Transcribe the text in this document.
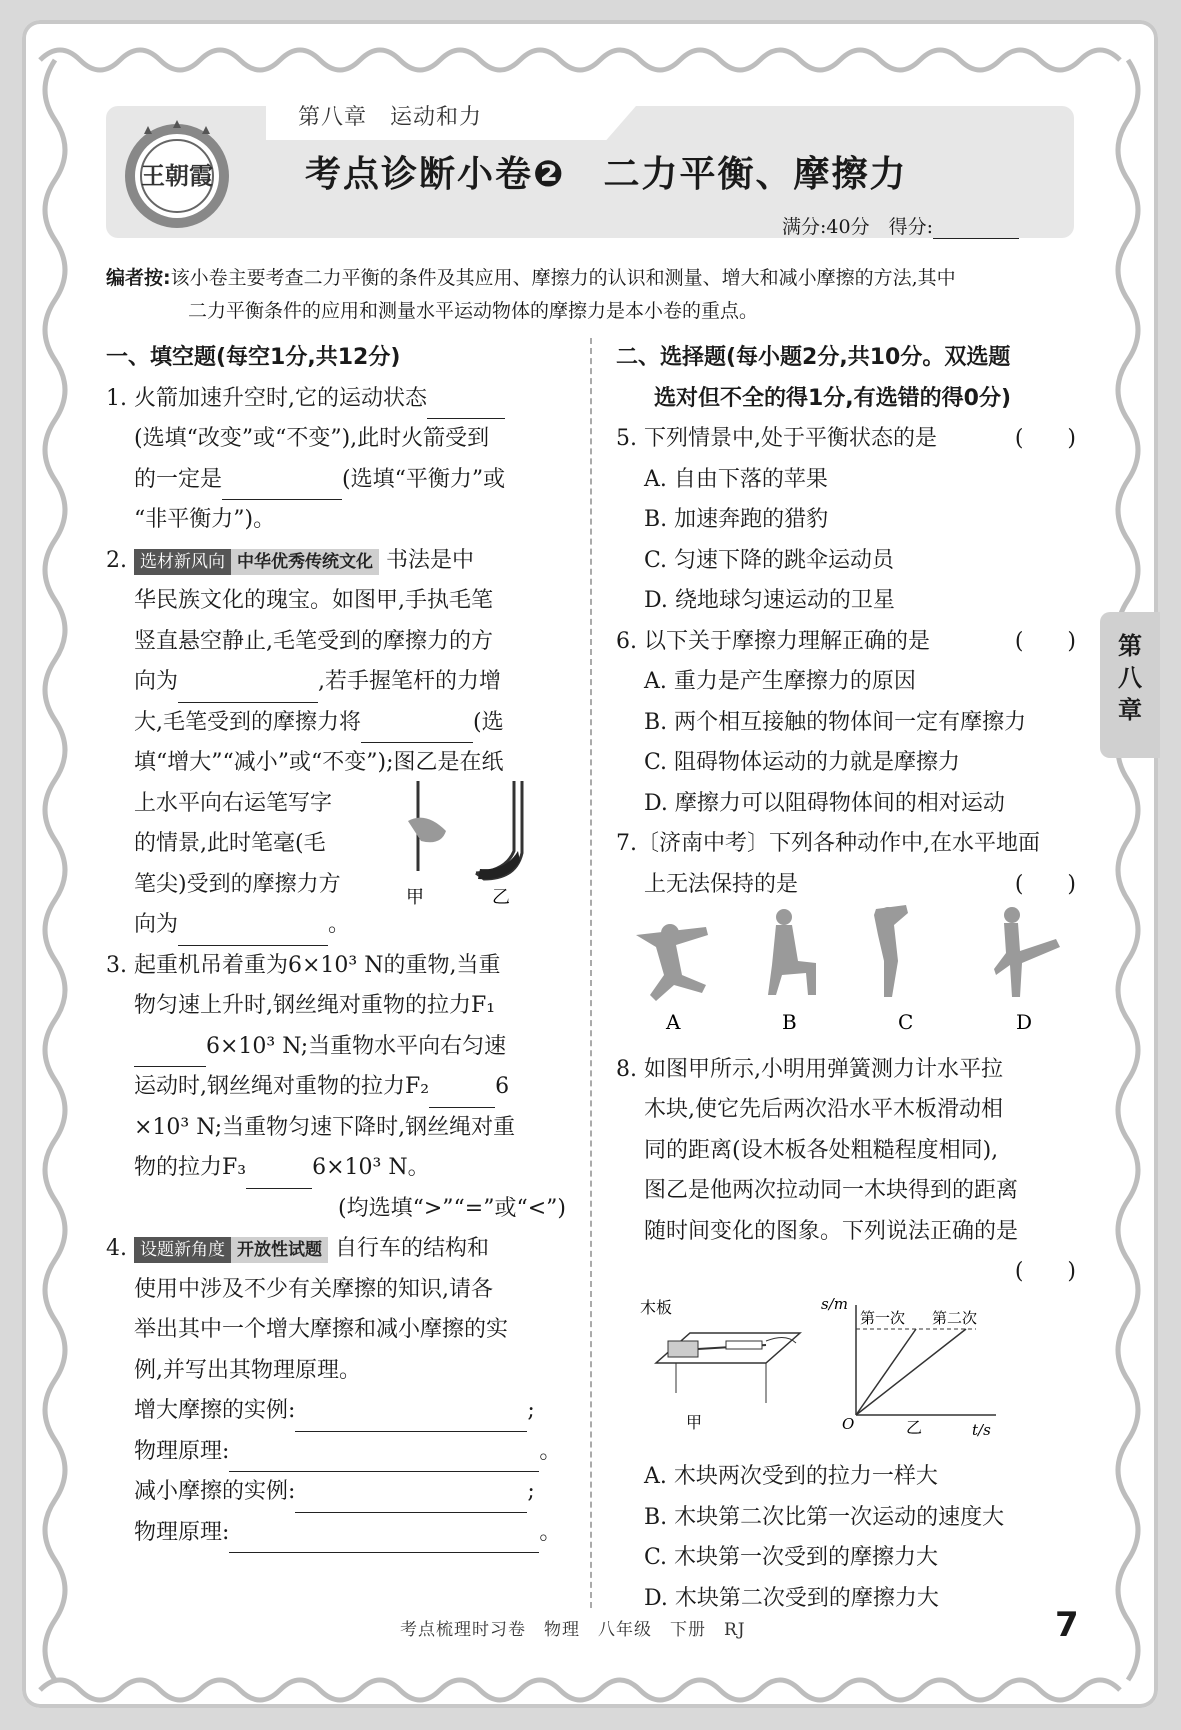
王朝霞
第八章　运动和力
考点诊断小卷❷　二力平衡、摩擦力
满分:40分　得分:
编者按:该小卷主要考查二力平衡的条件及其应用、摩擦力的认识和测量、增大和减小摩擦的方法,其中
二力平衡条件的应用和测量水平运动物体的摩擦力是本小卷的重点。
一、填空题(每空1分,共12分)
1. 火箭加速升空时,它的运动状态
(选填“改变”或“不变”),此时火箭受到
的一定是	(选填“平衡力”或
“非平衡力”)。
2. 选材新风向 中华优秀传统文化 书法是中
华民族文化的瑰宝。如图甲,手执毛笔
竖直悬空静止,毛笔受到的摩擦力的方
向为	,若手握笔杆的力增
大,毛笔受到的摩擦力将	(选
填“增大”“减小”或“不变”);图乙是在纸
上水平向右运笔写字
的情景,此时笔毫(毛
笔尖)受到的摩擦力方
向为	。
甲	乙
3. 起重机吊着重为6×10³ N的重物,当重
物匀速上升时,钢丝绳对重物的拉力F₁
6×10³ N;当重物水平向右匀速
运动时,钢丝绳对重物的拉力F₂	6
×10³ N;当重物匀速下降时,钢丝绳对重
物的拉力F₃	6×10³ N。

(均选填“>”“=”或“<”)
4. 设题新角度 开放性试题 自行车的结构和
使用中涉及不少有关摩擦的知识,请各
举出其中一个增大摩擦和减小摩擦的实
例,并写出其物理原理。
增大摩擦的实例:	;
物理原理:	。
减小摩擦的实例:	;
物理原理:	。
二、选择题(每小题2分,共10分。双选题
选对但不全的得1分,有选错的得0分)
5. 下列情景中,处于平衡状态的是	(　　)
A. 自由下落的苹果
B. 加速奔跑的猎豹
C. 匀速下降的跳伞运动员
D. 绕地球匀速运动的卫星
6. 以下关于摩擦力理解正确的是	(　　)
A. 重力是产生摩擦力的原因
B. 两个相互接触的物体间一定有摩擦力
C. 阻碍物体运动的力就是摩擦力
D. 摩擦力可以阻碍物体间的相对运动
7.〔济南中考〕下列各种动作中,在水平地面
上无法保持的是	(　　)
A	B	C	D
8. 如图甲所示,小明用弹簧测力计水平拉
木块,使它先后两次沿水平木板滑动相
同的距离(设木板各处粗糙程度相同),
图乙是他两次拉动同一木块得到的距离
随时间变化的图象。下列说法正确的是
(　　)
木板
甲
s/m
t/s
O
第一次 第二次
乙
A. 木块两次受到的拉力一样大
B. 木块第二次比第一次运动的速度大
C. 木块第一次受到的摩擦力大
D. 木块第二次受到的摩擦力大
第八章
考点梳理时习卷　物理　八年级　下册　RJ	7
